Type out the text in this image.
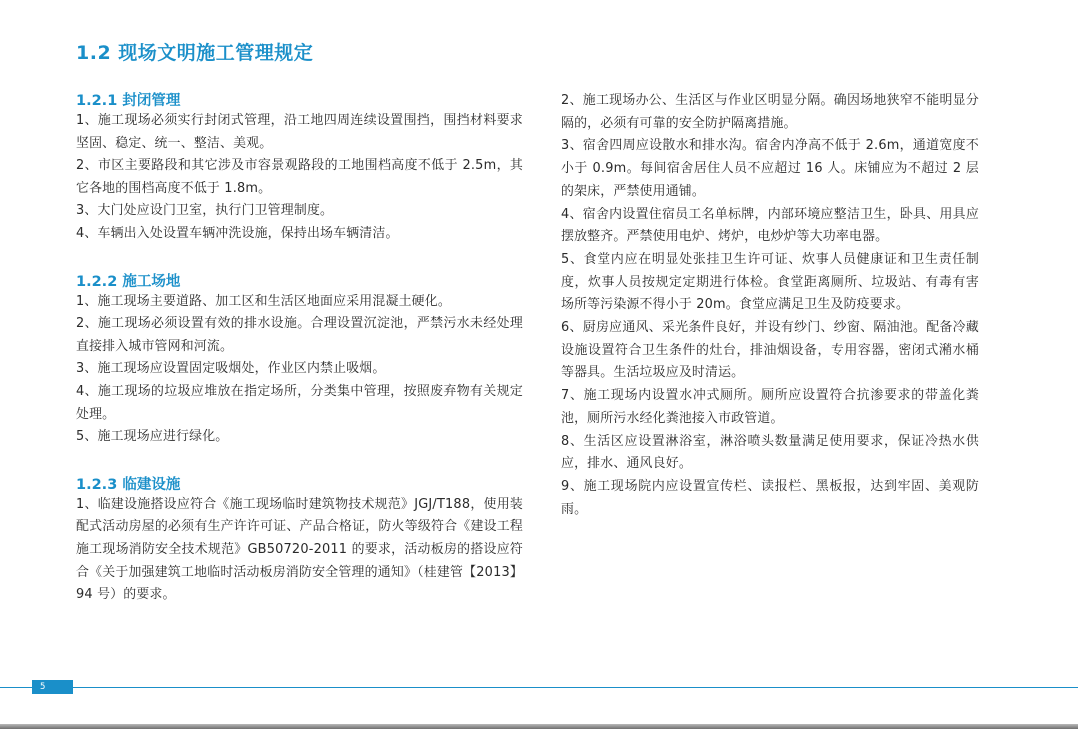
1.2 现场文明施工管理规定
1.2.1 封闭管理

1、施工现场必须实行封闭式管理，沿工地四周连续设置围挡，围挡材料要求坚固、稳定、统一、整洁、美观。

2、市区主要路段和其它涉及市容景观路段的工地围档高度不低于 2.5m，其它各地的围档高度不低于 1.8m。

3、大门处应设门卫室，执行门卫管理制度。

4、车辆出入处设置车辆冲洗设施，保持出场车辆清洁。

1.2.2 施工场地

1、施工现场主要道路、加工区和生活区地面应采用混凝土硬化。

2、施工现场必须设置有效的排水设施。合理设置沉淀池，严禁污水未经处理直接排入城市管网和河流。

3、施工现场应设置固定吸烟处，作业区内禁止吸烟。

4、施工现场的垃圾应堆放在指定场所，分类集中管理，按照废弃物有关规定处理。

5、施工现场应进行绿化。

1.2.3 临建设施

1、临建设施搭设应符合《施工现场临时建筑物技术规范》JGJ/T188，使用装配式活动房屋的必须有生产许许可证、产品合格证，防火等级符合《建设工程施工现场消防安全技术规范》GB50720-2011 的要求，活动板房的搭设应符合《关于加强建筑工地临时活动板房消防安全管理的通知》（桂建管【2013】94 号）的要求。

2、施工现场办公、生活区与作业区明显分隔。确因场地狭窄不能明显分隔的，必须有可靠的安全防护隔离措施。

3、宿舍四周应设散水和排水沟。宿舍内净高不低于 2.6m，通道宽度不小于 0.9m。每间宿舍居住人员不应超过 16 人。床铺应为不超过 2 层的架床，严禁使用通铺。

4、宿舍内设置住宿员工名单标牌，内部环境应整洁卫生，卧具、用具应摆放整齐。严禁使用电炉、烤炉，电炒炉等大功率电器。

5、食堂内应在明显处张挂卫生许可证、炊事人员健康证和卫生责任制度，炊事人员按规定定期进行体检。食堂距离厕所、垃圾站、有毒有害场所等污染源不得小于 20m。食堂应满足卫生及防疫要求。

6、厨房应通风、采光条件良好，并设有纱门、纱窗、隔油池。配备冷藏设施设置符合卫生条件的灶台，排油烟设备，专用容器，密闭式潲水桶等器具。生活垃圾应及时清运。

7、施工现场内设置水冲式厕所。厕所应设置符合抗渗要求的带盖化粪池，厕所污水经化粪池接入市政管道。

8、生活区应设置淋浴室，淋浴喷头数量满足使用要求，保证冷热水供应，排水、通风良好。

9、施工现场院内应设置宣传栏、读报栏、黑板报，达到牢固、美观防雨。

5
